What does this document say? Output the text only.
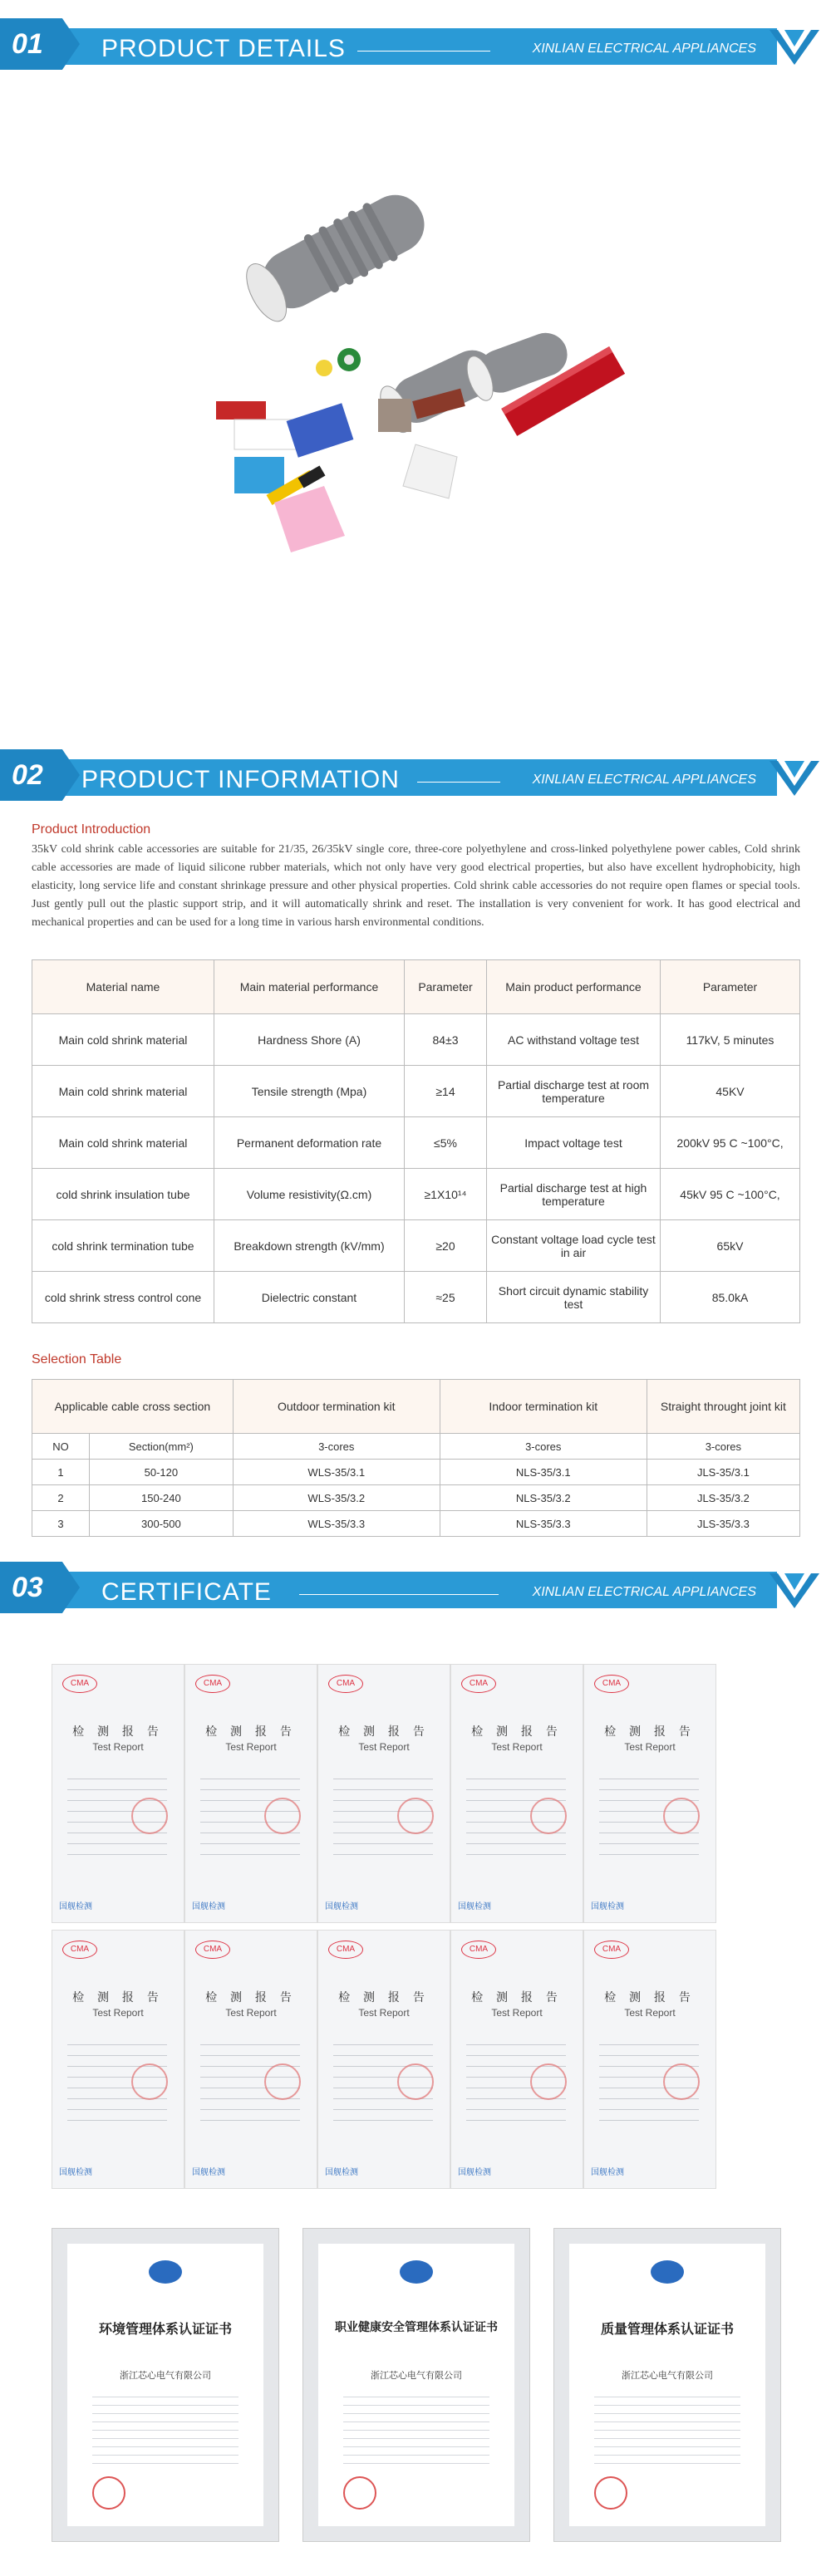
01 PRODUCT DETAILS	XINLIAN ELECTRICAL APPLIANCES
02 PRODUCT INFORMATION	XINLIAN ELECTRICAL APPLIANCES
Product Introduction
35kV cold shrink cable accessories are suitable for 21/35, 26/35kV single core, three-core polyethylene and cross-linked polyethylene power cables, Cold shrink cable accessories are made of liquid silicone rubber materials, which not only have very good electrical properties, but also have excellent hydrophobicity, high elasticity, long service life and constant shrinkage pressure and other physical properties. Cold shrink cable accessories do not require open flames or special tools. Just gently pull out the plastic support strip, and it will automatically shrink and reset. The installation is very convenient for work. It has good electrical and mechanical properties and can be used for a long time in various harsh environmental conditions.
Material name	Main material performance	Parameter	Main product performance	Parameter
Main cold shrink material	Hardness Shore (A)	84±3	AC withstand voltage test	117kV, 5 minutes
Main cold shrink material	Tensile strength (Mpa)	≥14	Partial discharge test at room temperature	45KV
Main cold shrink material	Permanent deformation rate	≤5%	Impact voltage test	200kV 95 C ~100°C,
cold shrink insulation tube	Volume resistivity(Ω.cm)	≥1X10¹⁴	Partial discharge test at high temperature	45kV 95 C ~100°C,
cold shrink termination tube	Breakdown strength (kV/mm)	≥20	Constant voltage load cycle test in air	65kV
cold shrink stress control cone	Dielectric constant	≈25	Short circuit dynamic stability test	85.0kA
Selection Table
Applicable cable cross section		Outdoor termination kit	Indoor termination kit	Straight throught joint kit
NO	Section(mm²)	3-cores	3-cores	3-cores
1	50-120	WLS-35/3.1	NLS-35/3.1	JLS-35/3.1
2	150-240	WLS-35/3.2	NLS-35/3.2	JLS-35/3.2
3	300-500	WLS-35/3.3	NLS-35/3.3	JLS-35/3.3
03 CERTIFICATE	XINLIAN ELECTRICAL APPLIANCES
CMA
检 测 报 告
Test Report
国舰检测
CMA
检 测 报 告
Test Report
国舰检测
CMA
检 测 报 告
Test Report
国舰检测
CMA
检 测 报 告
Test Report
国舰检测
CMA
检 测 报 告
Test Report
国舰检测
CMA
检 测 报 告
Test Report
国舰检测
CMA
检 测 报 告
Test Report
国舰检测
CMA
检 测 报 告
Test Report
国舰检测
CMA
检 测 报 告
Test Report
国舰检测
CMA
检 测 报 告
Test Report
国舰检测
环境管理体系认证证书
浙江芯心电气有限公司
职业健康安全管理体系认证证书
浙江芯心电气有限公司
质量管理体系认证证书
浙江芯心电气有限公司
